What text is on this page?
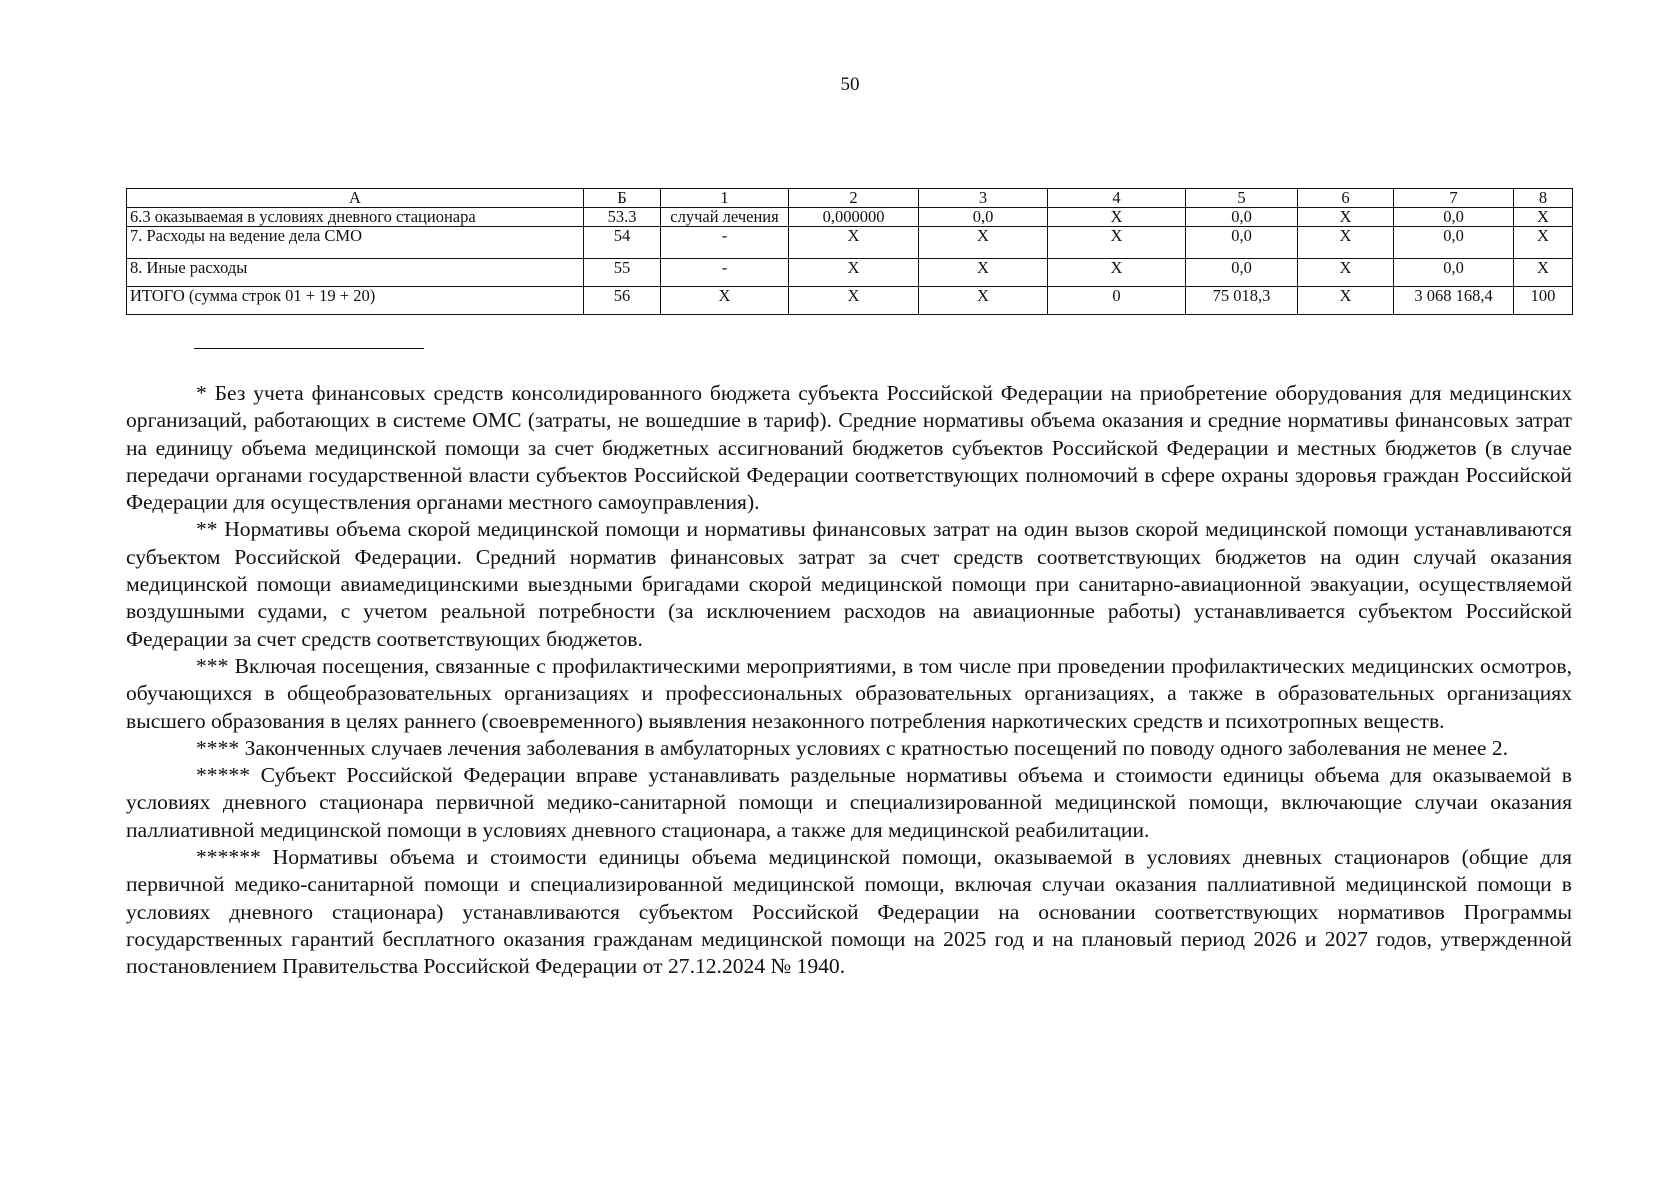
50
А	Б	1	2	3	4	5	6	7	8
6.3 оказываемая в условиях дневного стационара	53.3	случай лечения	0,000000	0,0	X	0,0	X	0,0	X
7. Расходы на ведение дела СМО	54	-	X	X	X	0,0	X	0,0	X
8. Иные расходы	55	-	X	X	X	0,0	X	0,0	X
ИТОГО (сумма строк 01 + 19 + 20)	56	X	X	X	0	75 018,3	X	3 068 168,4	100

* Без учета финансовых средств консолидированного бюджета субъекта Российской Федерации на приобретение оборудования для медицинских организаций, работающих в системе ОМС (затраты, не вошедшие в тариф). Средние нормативы объема оказания и средние нормативы финансовых затрат на единицу объема медицинской помощи за счет бюджетных ассигнований бюджетов субъектов Российской Федерации и местных бюджетов (в случае передачи органами государственной власти субъектов Российской Федерации соответствующих полномочий в сфере охраны здоровья граждан Российской Федерации для осуществления органами местного самоуправления).

** Нормативы объема скорой медицинской помощи и нормативы финансовых затрат на один вызов скорой медицинской помощи устанавливаются субъектом Российской Федерации. Средний норматив финансовых затрат за счет средств соответствующих бюджетов на один случай оказания медицинской помощи авиамедицинскими выездными бригадами скорой медицинской помощи при санитарно-авиационной эвакуации, осуществляемой воздушными судами, с учетом реальной потребности (за исключением расходов на авиационные работы) устанавливается субъектом Российской Федерации за счет средств соответствующих бюджетов.

*** Включая посещения, связанные с профилактическими мероприятиями, в том числе при проведении профилактических медицинских осмотров, обучающихся в общеобразовательных организациях и профессиональных образовательных организациях, а также в образовательных организациях высшего образования в целях раннего (своевременного) выявления незаконного потребления наркотических средств и психотропных веществ.

**** Законченных случаев лечения заболевания в амбулаторных условиях с кратностью посещений по поводу одного заболевания не менее 2.

***** Субъект Российской Федерации вправе устанавливать раздельные нормативы объема и стоимости единицы объема для оказываемой в условиях дневного стационара первичной медико-санитарной помощи и специализированной медицинской помощи, включающие случаи оказания паллиативной медицинской помощи в условиях дневного стационара, а также для медицинской реабилитации.

****** Нормативы объема и стоимости единицы объема медицинской помощи, оказываемой в условиях дневных стационаров (общие для первичной медико-санитарной помощи и специализированной медицинской помощи, включая случаи оказания паллиативной медицинской помощи в условиях дневного стационара) устанавливаются субъектом Российской Федерации на основании соответствующих нормативов Программы государственных гарантий бесплатного оказания гражданам медицинской помощи на 2025 год и на плановый период 2026 и 2027 годов, утвержденной постановлением Правительства Российской Федерации от 27.12.2024 № 1940.
